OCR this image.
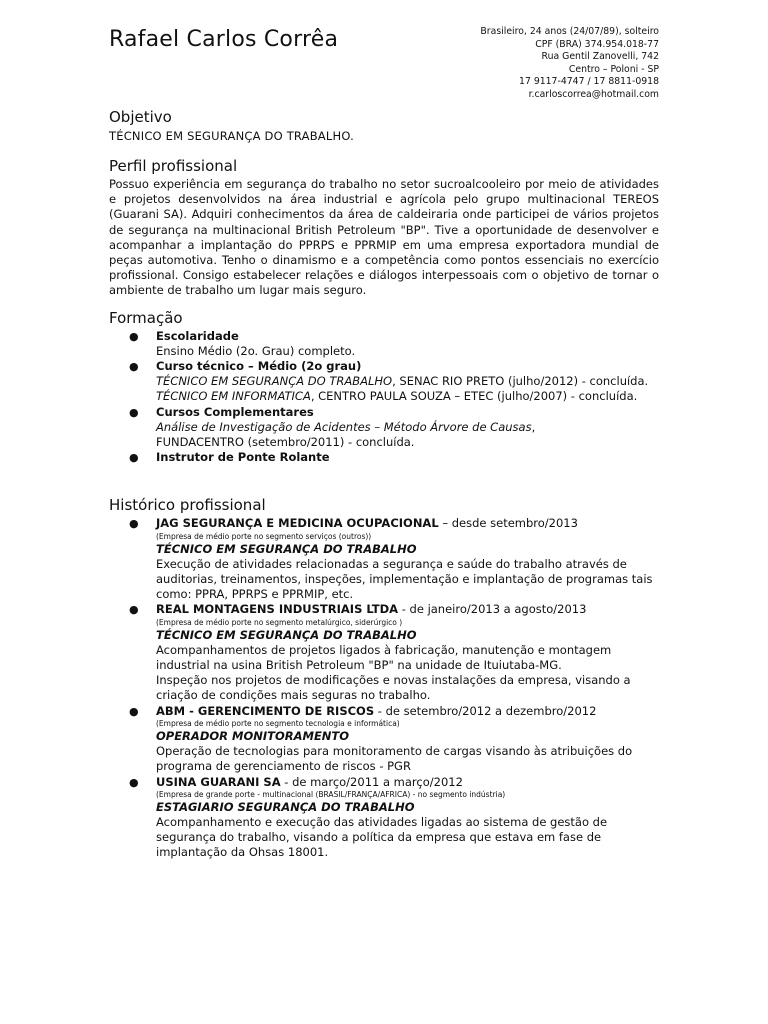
Rafael Carlos Corrêa	Brasileiro, 24 anos (24/07/89), solteiro
CPF (BRA) 374.954.018-77
Rua Gentil Zanovelli, 742
Centro – Poloni - SP
17 9117-4747 / 17 8811-0918
r.carloscorrea@hotmail.com
Objetivo

TÉCNICO EM SEGURANÇA DO TRABALHO.

Perfil profissional

Possuo experiência em segurança do trabalho no setor sucroalcooleiro por meio de atividades e projetos desenvolvidos na área industrial e agrícola pelo grupo multinacional TEREOS (Guarani SA). Adquiri conhecimentos da área de caldeiraria onde participei de vários projetos de segurança na multinacional British Petroleum "BP". Tive a oportunidade de desenvolver e acompanhar a implantação do PPRPS e PPRMIP em uma empresa exportadora mundial de peças automotiva. Tenho o dinamismo e a competência como pontos essenciais no exercício profissional. Consigo estabelecer relações e diálogos interpessoais com o objetivo de tornar o ambiente de trabalho um lugar mais seguro.

Formação
● Escolaridade
Ensino Médio (2o. Grau) completo.
● Curso técnico – Médio (2o grau)
TÉCNICO EM SEGURANÇA DO TRABALHO, SENAC RIO PRETO (julho/2012) - concluída.
TÉCNICO EM INFORMATICA, CENTRO PAULA SOUZA – ETEC (julho/2007) - concluída.
● Cursos Complementares
Análise de Investigação de Acidentes – Método Árvore de Causas,
FUNDACENTRO (setembro/2011) - concluída.
● Instrutor de Ponte Rolante
Histórico profissional
● JAG SEGURANÇA E MEDICINA OCUPACIONAL – desde setembro/2013
(Empresa de médio porte no segmento serviços (outros))
TÉCNICO EM SEGURANÇA DO TRABALHO
Execução de atividades relacionadas a segurança e saúde do trabalho através de auditorias, treinamentos, inspeções, implementação e implantação de programas tais como: PPRA, PPRPS e PPRMIP, etc.
● REAL MONTAGENS INDUSTRIAIS LTDA - de janeiro/2013 a agosto/2013
(Empresa de médio porte no segmento metalúrgico, siderúrgico )
TÉCNICO EM SEGURANÇA DO TRABALHO
Acompanhamentos de projetos ligados à fabricação, manutenção e montagem industrial na usina British Petroleum "BP" na unidade de Ituiutaba-MG.
Inspeção nos projetos de modificações e novas instalações da empresa, visando a criação de condições mais seguras no trabalho.
● ABM - GERENCIMENTO DE RISCOS - de setembro/2012 a dezembro/2012
(Empresa de médio porte no segmento tecnologia e informática)
OPERADOR MONITORAMENTO
Operação de tecnologias para monitoramento de cargas visando às atribuições do programa de gerenciamento de riscos - PGR
● USINA GUARANI SA - de março/2011 a março/2012
(Empresa de grande porte - multinacional (BRASIL/FRANÇA/AFRICA) - no segmento indústria)
ESTAGIARIO SEGURANÇA DO TRABALHO
Acompanhamento e execução das atividades ligadas ao sistema de gestão de segurança do trabalho, visando a política da empresa que estava em fase de implantação da Ohsas 18001.
